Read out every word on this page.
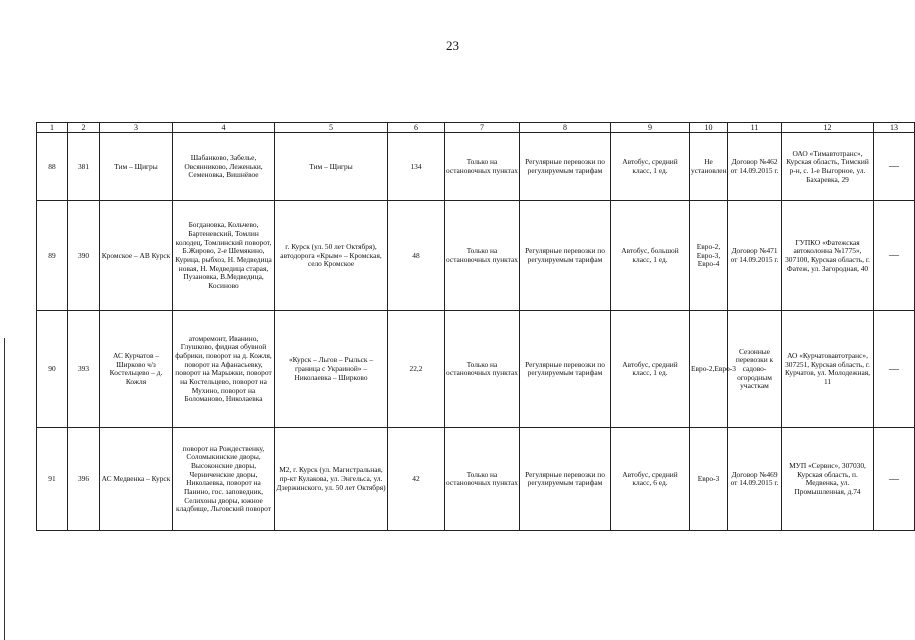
23
1	2	3	4	5	6	7	8	9	10	11	12	13
88	381	Тим – Щигры	Шабанково, Забелье, Овсянниково, Леженьки, Семеновка, Вишнёвое	Тим – Щигры	134	Только на остановочных пунктах	Регулярные перевозки по регулируемым тарифам	Автобус, средний класс, 1 ед.	Не установлен	Договор №462 от 14.09.2015 г.	ОАО «Тимавтотранс», Курская область, Тимский р-н, с. 1-е Выгорное, ул. Бахаревка, 29	—
89	390	Кромское – АВ Курск	Богдановка, Кольчево, Бартеневский, Томлин колодец, Томлинский поворот, Б.Жирово, 2-е Шемякино, Курица, рыбхоз, Н. Медведица новая, Н. Медведица старая, Пузановка, В.Медведица, Косиново	г. Курск (ул. 50 лет Октября), автодорога «Крым» – Кромская, село Кромское	48	Только на остановочных пунктах	Регулярные перевозки по регулируемым тарифам	Автобус, большой класс, 1 ед.	Евро-2, Евро-3, Евро-4	Договор №471 от 14.09.2015 г.	ГУПКО «Фатежская автоколонна №1775», 307100, Курская область, г. Фатеж, ул. Загородная, 40	—
90	393	АС Курчатов – Ширково ч/з Костельцево – д. Кожля	атомремонт, Иванино, Глушково, фидная обувной фабрики, поворот на д. Кожля, поворот на Афанасьевку, поворот на Марыжки, поворот на Костельцево, поворот на Мухино, поворот на Боломаново, Николаевка	«Курск – Льгов – Рыльск – граница с Украиной» – Николаевка – Ширково	22,2	Только на остановочных пунктах	Регулярные перевозки по регулируемым тарифам	Автобус, средний класс, 1 ед.	Евро-2,Евро-3	Сезонные перевозки к садово-огородным участкам	АО «Курчатовавтотранс», 307251, Курская область, г. Курчатов, ул. Молодежная, 11	—
91	396	АС Медвенка – Курск	поворот на Рождественку, Соломыкинские дворы, Высоконские дворы, Черниченские дворы, Николаевка, поворот на Панино, гос. заповедник, Селихоны дворы, южное кладбище, Льговский поворот	М2, г. Курск (ул. Магистральная, пр-кт Кулакова, ул. Энгельса, ул. Дзержинского, ул. 50 лет Октября)	42	Только на остановочных пунктах	Регулярные перевозки по регулируемым тарифам	Автобус, средний класс, 6 ед.	Евро-3	Договор №469 от 14.09.2015 г.	МУП «Сервис», 307030, Курская область, п. Медвенка, ул. Промышленная, д.74	—
